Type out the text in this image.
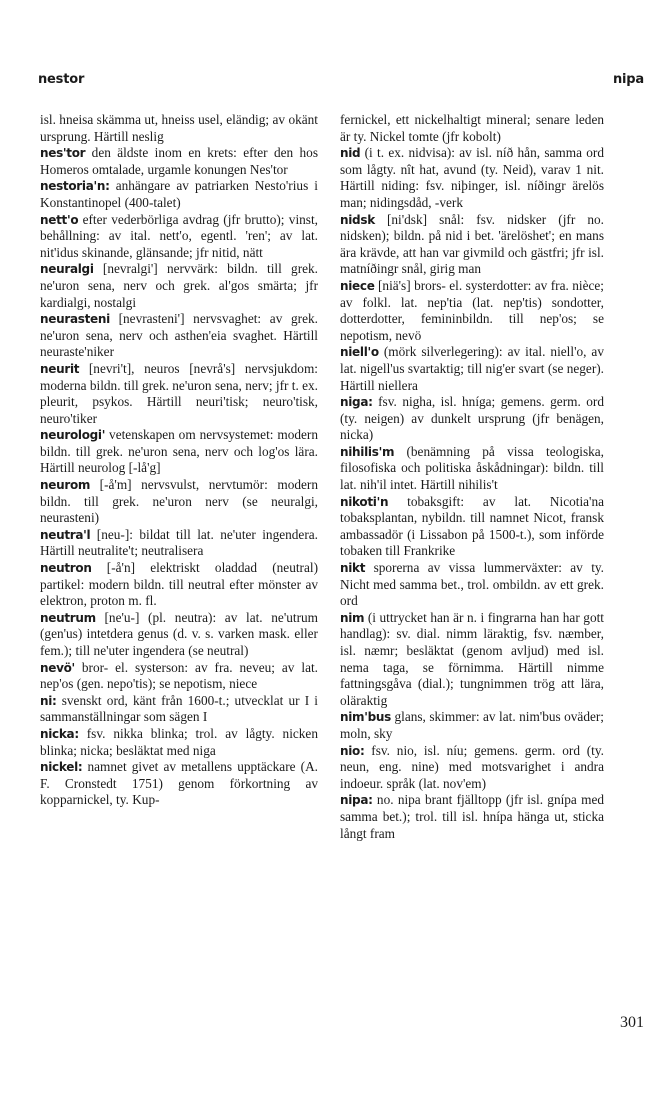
nestor	nipa
isl. hneisa skämma ut, hneiss usel, eländig; av okänt ursprung. Härtill neslig
nes'tor den äldste inom en krets: efter den hos Homeros omtalade, urgamle konungen Nes'tor
nestoria'n: anhängare av patriarken Nesto'rius i Konstantinopel (400-talet)
nett'o efter vederbörliga avdrag (jfr brutto); vinst, behållning: av ital. nett'o, egentl. 'ren'; av lat. nit'idus skinande, glänsande; jfr nitid, nätt
neuralgi [nevralgi'] nervvärk: bildn. till grek. ne'uron sena, nerv och grek. al'gos smärta; jfr kardialgi, nostalgi
neurasteni [nevrasteni'] nervsvaghet: av grek. ne'uron sena, nerv och asthen'eia svaghet. Härtill neuraste'niker
neurit [nevri't], neuros [nevrå's] nervsjukdom: moderna bildn. till grek. ne'uron sena, nerv; jfr t. ex. pleurit, psykos. Härtill neuri'tisk; neuro'tisk, neuro'tiker
neurologi' vetenskapen om nervsystemet: modern bildn. till grek. ne'uron sena, nerv och log'os lära. Härtill neurolog [-lå'g]
neurom [-å'm] nervsvulst, nervtumör: modern bildn. till grek. ne'uron nerv (se neuralgi, neurasteni)
neutra'l [neu-]: bildat till lat. ne'uter ingendera. Härtill neutralite't; neutralisera
neutron [-å'n] elektriskt oladdad (neutral) partikel: modern bildn. till neutral efter mönster av elektron, proton m. fl.
neutrum [ne'u-] (pl. neutra): av lat. ne'utrum (gen'us) intetdera genus (d. v. s. varken mask. eller fem.); till ne'uter ingendera (se neutral)
nevö' bror- el. systerson: av fra. neveu; av lat. nep'os (gen. nepo'tis); se nepotism, niece
ni: svenskt ord, känt från 1600-t.; utvecklat ur I i sammanställningar som sägen I
nicka: fsv. nikka blinka; trol. av lågty. nicken blinka; nicka; besläktat med niga
nickel: namnet givet av metallens upptäckare (A. F. Cronstedt 1751) genom förkortning av kopparnickel, ty. Kup-
fernickel, ett nickelhaltigt mineral; senare leden är ty. Nickel tomte (jfr kobolt)
nid (i t. ex. nidvisa): av isl. níð hån, samma ord som lågty. nît hat, avund (ty. Neid), varav 1 nit. Härtill niding: fsv. niþinger, isl. níðingr ärelös man; nidingsdåd, -verk
nidsk [ni'dsk] snål: fsv. nidsker (jfr no. nidsken); bildn. på nid i bet. 'ärelöshet'; en mans ära krävde, att han var givmild och gästfri; jfr isl. matníðingr snål, girig man
niece [niä's] brors- el. systerdotter: av fra. nièce; av folkl. lat. nep'tia (lat. nep'tis) sondotter, dotterdotter, femininbildn. till nep'os; se nepotism, nevö
niell'o (mörk silverlegering): av ital. niell'o, av lat. nigell'us svartaktig; till nig'er svart (se neger). Härtill niellera
niga: fsv. nigha, isl. hníga; gemens. germ. ord (ty. neigen) av dunkelt ursprung (jfr benägen, nicka)
nihilis'm (benämning på vissa teologiska, filosofiska och politiska åskådningar): bildn. till lat. nih'il intet. Härtill nihilis't
nikoti'n tobaksgift: av lat. Nicotia'na tobaksplantan, nybildn. till namnet Nicot, fransk ambassadör (i Lissabon på 1500-t.), som införde tobaken till Frankrike
nikt sporerna av vissa lummerväxter: av ty. Nicht med samma bet., trol. ombildn. av ett grek. ord
nim (i uttrycket han är n. i fingrarna han har gott handlag): sv. dial. nimm läraktig, fsv. næmber, isl. næmr; besläktat (genom avljud) med isl. nema taga, se förnimma. Härtill nimme fattningsgåva (dial.); tungnimmen trög att lära, oläraktig
nim'bus glans, skimmer: av lat. nim'bus oväder; moln, sky
nio: fsv. nio, isl. níu; gemens. germ. ord (ty. neun, eng. nine) med motsvarighet i andra indoeur. språk (lat. nov'em)
nipa: no. nipa brant fjälltopp (jfr isl. gnípa med samma bet.); trol. till isl. hnípa hänga ut, sticka långt fram
301
